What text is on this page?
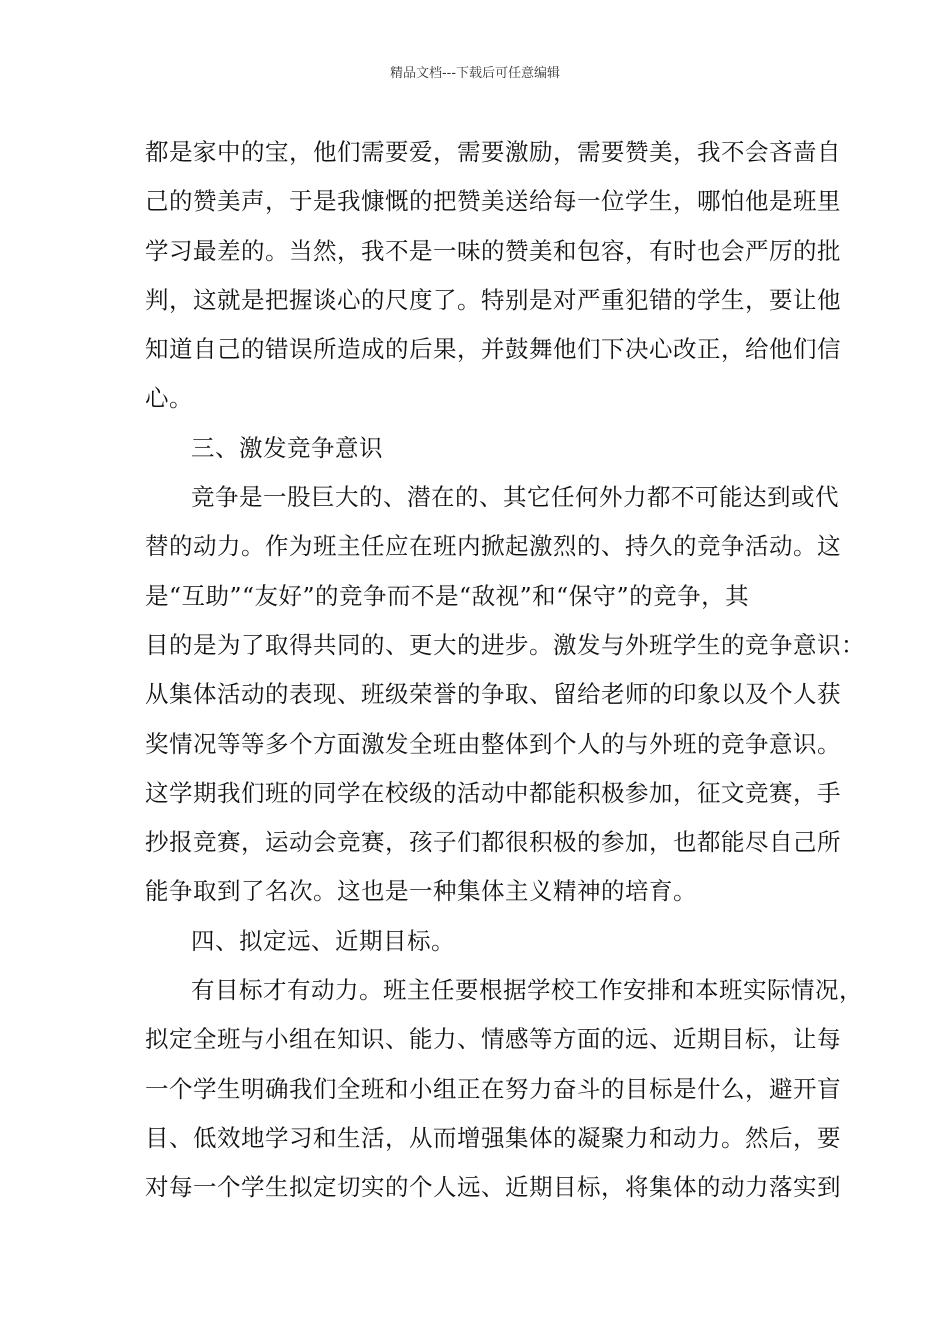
精品文档---下载后可任意编辑
都是家中的宝，他们需要爱，需要激励，需要赞美，我不会吝啬自
己的赞美声，于是我慷慨的把赞美送给每一位学生，哪怕他是班里
学习最差的。当然，我不是一味的赞美和包容，有时也会严厉的批
判，这就是把握谈心的尺度了。特别是对严重犯错的学生，要让他
知道自己的错误所造成的后果，并鼓舞他们下决心改正，给他们信
心。
三、激发竞争意识
竞争是一股巨大的、潜在的、其它任何外力都不可能达到或代
替的动力。作为班主任应在班内掀起激烈的、持久的竞争活动。这
是“互助”“友好”的竞争而不是“敌视”和“保守”的竞争，其
目的是为了取得共同的、更大的进步。激发与外班学生的竞争意识：
从集体活动的表现、班级荣誉的争取、留给老师的印象以及个人获
奖情况等等多个方面激发全班由整体到个人的与外班的竞争意识。
这学期我们班的同学在校级的活动中都能积极参加，征文竞赛，手
抄报竞赛，运动会竞赛，孩子们都很积极的参加，也都能尽自己所
能争取到了名次。这也是一种集体主义精神的培育。
四、拟定远、近期目标。
有目标才有动力。班主任要根据学校工作安排和本班实际情况，
拟定全班与小组在知识、能力、情感等方面的远、近期目标，让每
一个学生明确我们全班和小组正在努力奋斗的目标是什么，避开盲
目、低效地学习和生活，从而增强集体的凝聚力和动力。然后，要
对每一个学生拟定切实的个人远、近期目标，将集体的动力落实到
